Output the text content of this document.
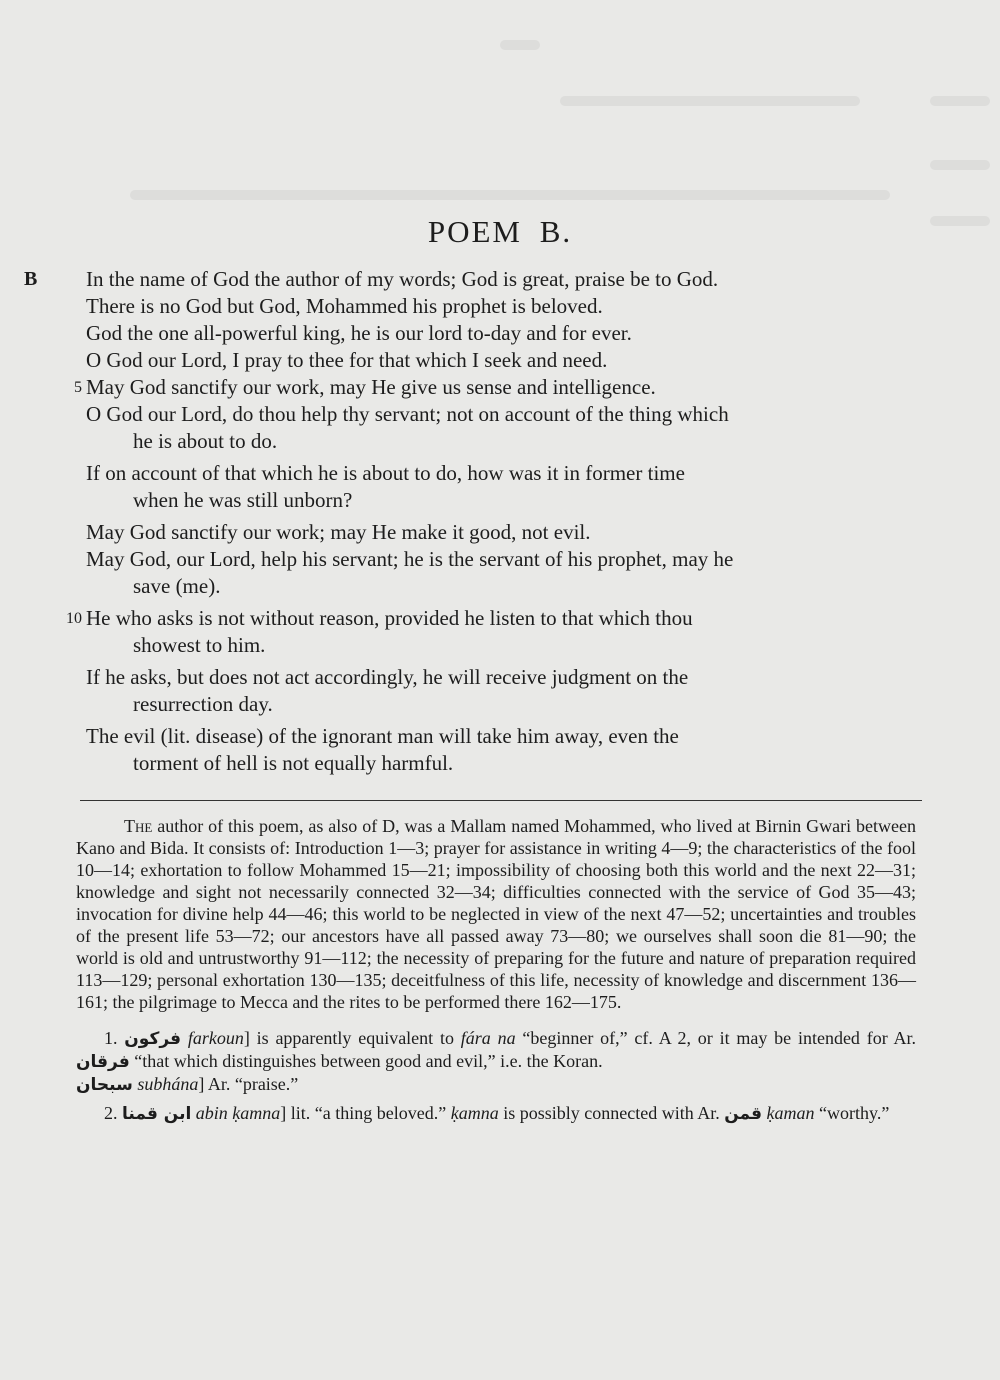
B
POEM B.
In the name of God the author of my words; God is great, praise be to God.
There is no God but God, Mohammed his prophet is beloved.
God the one all-powerful king, he is our lord to-day and for ever.
O God our Lord, I pray to thee for that which I seek and need.
5 May God sanctify our work, may He give us sense and intelligence.
O God our Lord, do thou help thy servant; not on account of the thing which
he is about to do.
If on account of that which he is about to do, how was it in former time
when he was still unborn?
May God sanctify our work; may He make it good, not evil.
May God, our Lord, help his servant; he is the servant of his prophet, may he
save (me).
10 He who asks is not without reason, provided he listen to that which thou
showest to him.
If he asks, but does not act accordingly, he will receive judgment on the
resurrection day.
The evil (lit. disease) of the ignorant man will take him away, even the
torment of hell is not equally harmful.

The author of this poem, as also of D, was a Mallam named Mohammed, who lived at Birnin Gwari between Kano and Bida. It consists of: Introduction 1—3; prayer for assistance in writing 4—9; the characteristics of the fool 10—14; exhortation to follow Mohammed 15—21; impossibility of choosing both this world and the next 22—31; knowledge and sight not necessarily connected 32—34; difficulties connected with the service of God 35—43; invocation for divine help 44—46; this world to be neglected in view of the next 47—52; uncertainties and troubles of the present life 53—72; our ancestors have all passed away 73—80; we ourselves shall soon die 81—90; the world is old and untrustworthy 91—112; the necessity of preparing for the future and nature of preparation required 113—129; personal exhortation 130—135; deceitfulness of this life, necessity of knowledge and discernment 136—161; the pilgrimage to Mecca and the rites to be performed there 162—175.

1. فركون farkoun] is apparently equivalent to fára na “beginner of,” cf. A 2, or it may be intended for Ar. فرقان “that which distinguishes between good and evil,” i.e. the Koran.
سبحان subhána] Ar. “praise.”

2. ابن قمنا abin ḳamna] lit. “a thing beloved.” ḳamna is possibly connected with Ar. قمن ḳaman “worthy.”
